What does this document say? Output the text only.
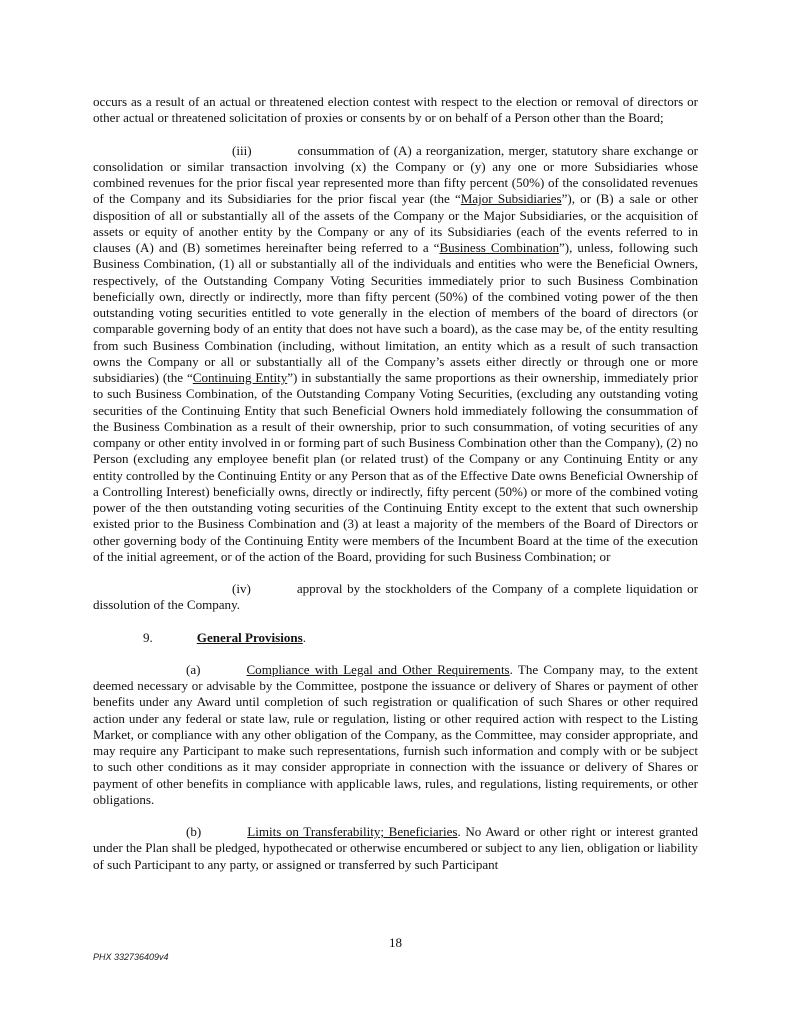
occurs as a result of an actual or threatened election contest with respect to the election or removal of directors or other actual or threatened solicitation of proxies or consents by or on behalf of a Person other than the Board;

(iii)	consummation of (A) a reorganization, merger, statutory share exchange or consolidation or similar transaction involving (x) the Company or (y) any one or more Subsidiaries whose combined revenues for the prior fiscal year represented more than fifty percent (50%) of the consolidated revenues of the Company and its Subsidiaries for the prior fiscal year (the “Major Subsidiaries”), or (B) a sale or other disposition of all or substantially all of the assets of the Company or the Major Subsidiaries, or the acquisition of assets or equity of another entity by the Company or any of its Subsidiaries (each of the events referred to in clauses (A) and (B) sometimes hereinafter being referred to a “Business Combination”), unless, following such Business Combination, (1) all or substantially all of the individuals and entities who were the Beneficial Owners, respectively, of the Outstanding Company Voting Securities immediately prior to such Business Combination beneficially own, directly or indirectly, more than fifty percent (50%) of the combined voting power of the then outstanding voting securities entitled to vote generally in the election of members of the board of directors (or comparable governing body of an entity that does not have such a board), as the case may be, of the entity resulting from such Business Combination (including, without limitation, an entity which as a result of such transaction owns the Company or all or substantially all of the Company’s assets either directly or through one or more subsidiaries) (the “Continuing Entity”) in substantially the same proportions as their ownership, immediately prior to such Business Combination, of the Outstanding Company Voting Securities, (excluding any outstanding voting securities of the Continuing Entity that such Beneficial Owners hold immediately following the consummation of the Business Combination as a result of their ownership, prior to such consummation, of voting securities of any company or other entity involved in or forming part of such Business Combination other than the Company), (2) no Person (excluding any employee benefit plan (or related trust) of the Company or any Continuing Entity or any entity controlled by the Continuing Entity or any Person that as of the Effective Date owns Beneficial Ownership of a Controlling Interest) beneficially owns, directly or indirectly, fifty percent (50%) or more of the combined voting power of the then outstanding voting securities of the Continuing Entity except to the extent that such ownership existed prior to the Business Combination and (3) at least a majority of the members of the Board of Directors or other governing body of the Continuing Entity were members of the Incumbent Board at the time of the execution of the initial agreement, or of the action of the Board, providing for such Business Combination; or

(iv)	approval by the stockholders of the Company of a complete liquidation or dissolution of the Company.

9.	General Provisions.

(a)	Compliance with Legal and Other Requirements. The Company may, to the extent deemed necessary or advisable by the Committee, postpone the issuance or delivery of Shares or payment of other benefits under any Award until completion of such registration or qualification of such Shares or other required action under any federal or state law, rule or regulation, listing or other required action with respect to the Listing Market, or compliance with any other obligation of the Company, as the Committee, may consider appropriate, and may require any Participant to make such representations, furnish such information and comply with or be subject to such other conditions as it may consider appropriate in connection with the issuance or delivery of Shares or payment of other benefits in compliance with applicable laws, rules, and regulations, listing requirements, or other obligations.

(b)	Limits on Transferability; Beneficiaries. No Award or other right or interest granted under the Plan shall be pledged, hypothecated or otherwise encumbered or subject to any lien, obligation or liability of such Participant to any party, or assigned or transferred by such Participant

18
PHX 332736409v4
